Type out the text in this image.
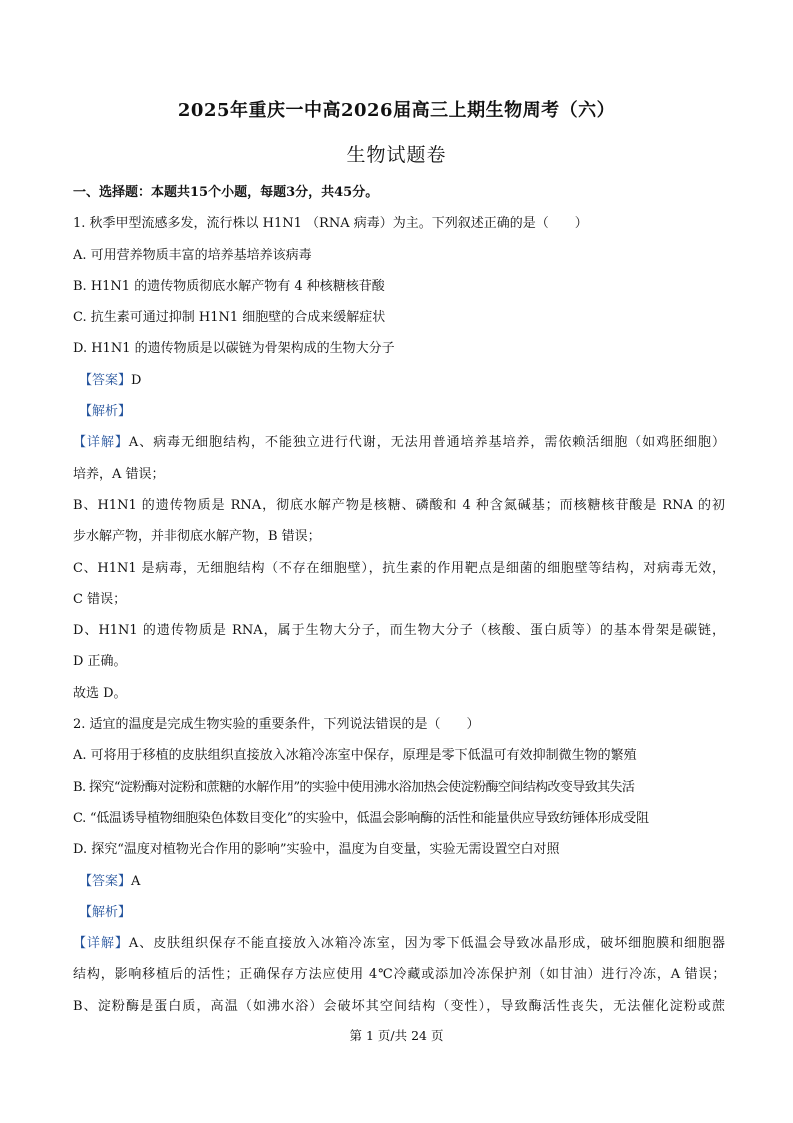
2025年重庆一中高2026届高三上期生物周考（六）
生物试题卷
一、选择题：本题共15个小题，每题3分，共45分。
1. 秋季甲型流感多发，流行株以 H1N1 （RNA 病毒）为主。下列叙述正确的是（　　）
A. 可用营养物质丰富的培养基培养该病毒
B. H1N1 的遗传物质彻底水解产物有 4 种核糖核苷酸
C. 抗生素可通过抑制 H1N1 细胞壁的合成来缓解症状
D. H1N1 的遗传物质是以碳链为骨架构成的生物大分子
【答案】D
【解析】
【详解】A、病毒无细胞结构，不能独立进行代谢，无法用普通培养基培养，需依赖活细胞（如鸡胚细胞）
培养，A 错误；
B、H1N1 的遗传物质是 RNA，彻底水解产物是核糖、磷酸和 4 种含氮碱基；而核糖核苷酸是 RNA 的初
步水解产物，并非彻底水解产物，B 错误；
C、H1N1 是病毒，无细胞结构（不存在细胞壁），抗生素的作用靶点是细菌的细胞壁等结构，对病毒无效，
C 错误；
D、H1N1 的遗传物质是 RNA，属于生物大分子，而生物大分子（核酸、蛋白质等）的基本骨架是碳链，
D 正确。
故选 D。
2. 适宜的温度是完成生物实验的重要条件，下列说法错误的是（　　）
A. 可将用于移植的皮肤组织直接放入冰箱冷冻室中保存，原理是零下低温可有效抑制微生物的繁殖
B. 探究“淀粉酶对淀粉和蔗糖的水解作用”的实验中使用沸水浴加热会使淀粉酶空间结构改变导致其失活
C. “低温诱导植物细胞染色体数目变化”的实验中，低温会影响酶的活性和能量供应导致纺锤体形成受阻
D. 探究“温度对植物光合作用的影响”实验中，温度为自变量，实验无需设置空白对照
【答案】A
【解析】
【详解】A、皮肤组织保存不能直接放入冰箱冷冻室，因为零下低温会导致冰晶形成，破坏细胞膜和细胞器
结构，影响移植后的活性；正确保存方法应使用 4℃冷藏或添加冷冻保护剂（如甘油）进行冷冻，A 错误；
B、淀粉酶是蛋白质，高温（如沸水浴）会破坏其空间结构（变性），导致酶活性丧失，无法催化淀粉或蔗
第 1 页/共 24 页
